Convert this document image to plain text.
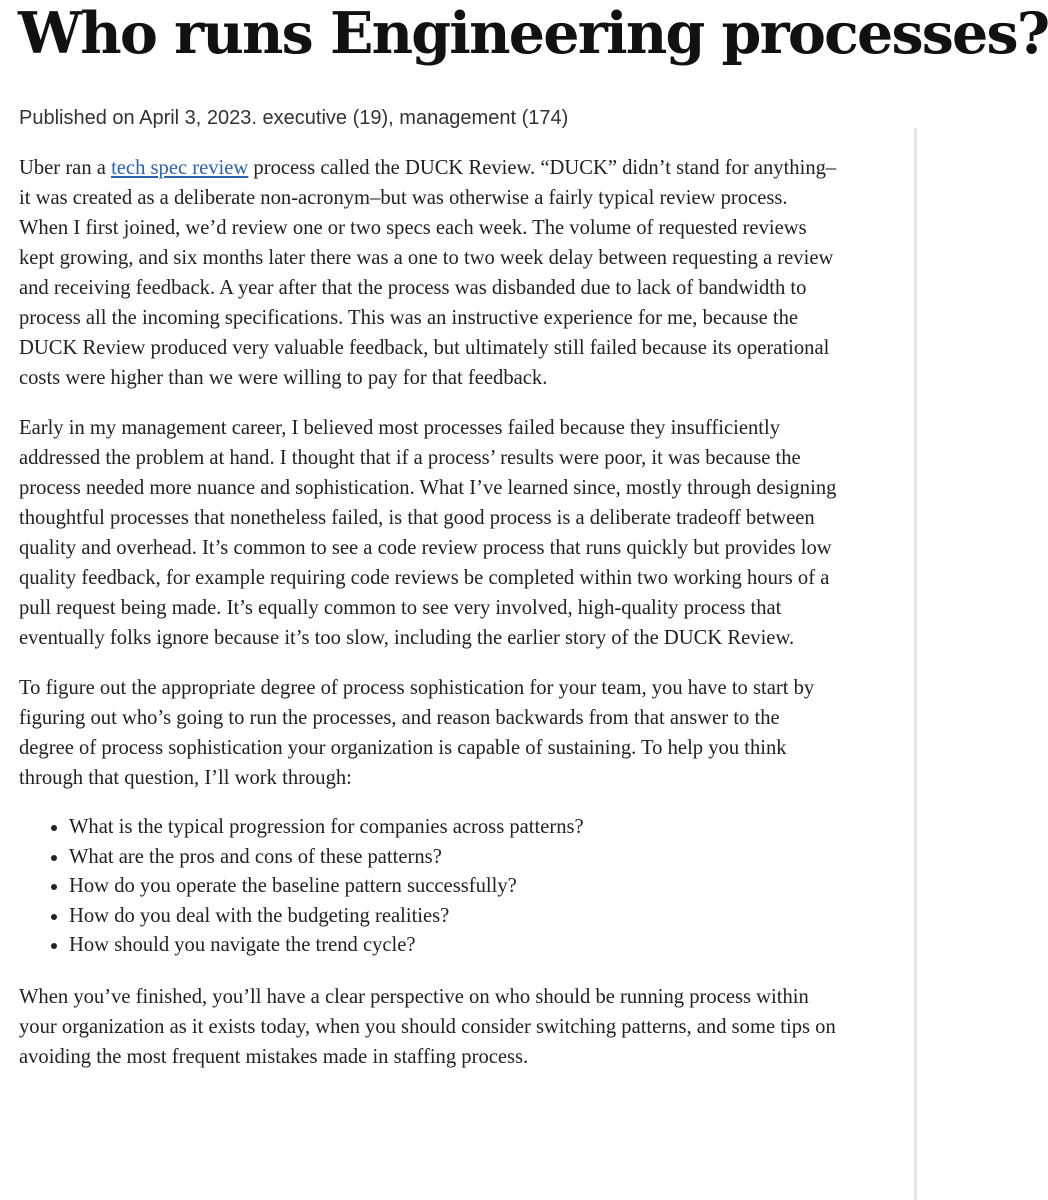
Who runs Engineering processes?
Published on April 3, 2023. executive (19), management (174)

Uber ran a tech spec review process called the DUCK Review. “DUCK” didn’t stand for anything–it was created as a deliberate non-acronym–but was otherwise a fairly typical review process. When I first joined, we’d review one or two specs each week. The volume of requested reviews kept growing, and six months later there was a one to two week delay between requesting a review and receiving feedback. A year after that the process was disbanded due to lack of bandwidth to process all the incoming specifications. This was an instructive experience for me, because the DUCK Review produced very valuable feedback, but ultimately still failed because its operational costs were higher than we were willing to pay for that feedback.

Early in my management career, I believed most processes failed because they insufficiently addressed the problem at hand. I thought that if a process’ results were poor, it was because the process needed more nuance and sophistication. What I’ve learned since, mostly through designing thoughtful processes that nonetheless failed, is that good process is a deliberate tradeoff between quality and overhead. It’s common to see a code review process that runs quickly but provides low quality feedback, for example requiring code reviews be completed within two working hours of a pull request being made. It’s equally common to see very involved, high-quality process that eventually folks ignore because it’s too slow, including the earlier story of the DUCK Review.

To figure out the appropriate degree of process sophistication for your team, you have to start by figuring out who’s going to run the processes, and reason backwards from that answer to the degree of process sophistication your organization is capable of sustaining. To help you think through that question, I’ll work through:

• What is the typical progression for companies across patterns?
• What are the pros and cons of these patterns?
• How do you operate the baseline pattern successfully?
• How do you deal with the budgeting realities?
• How should you navigate the trend cycle?

When you’ve finished, you’ll have a clear perspective on who should be running process within your organization as it exists today, when you should consider switching patterns, and some tips on avoiding the most frequent mistakes made in staffing process.
